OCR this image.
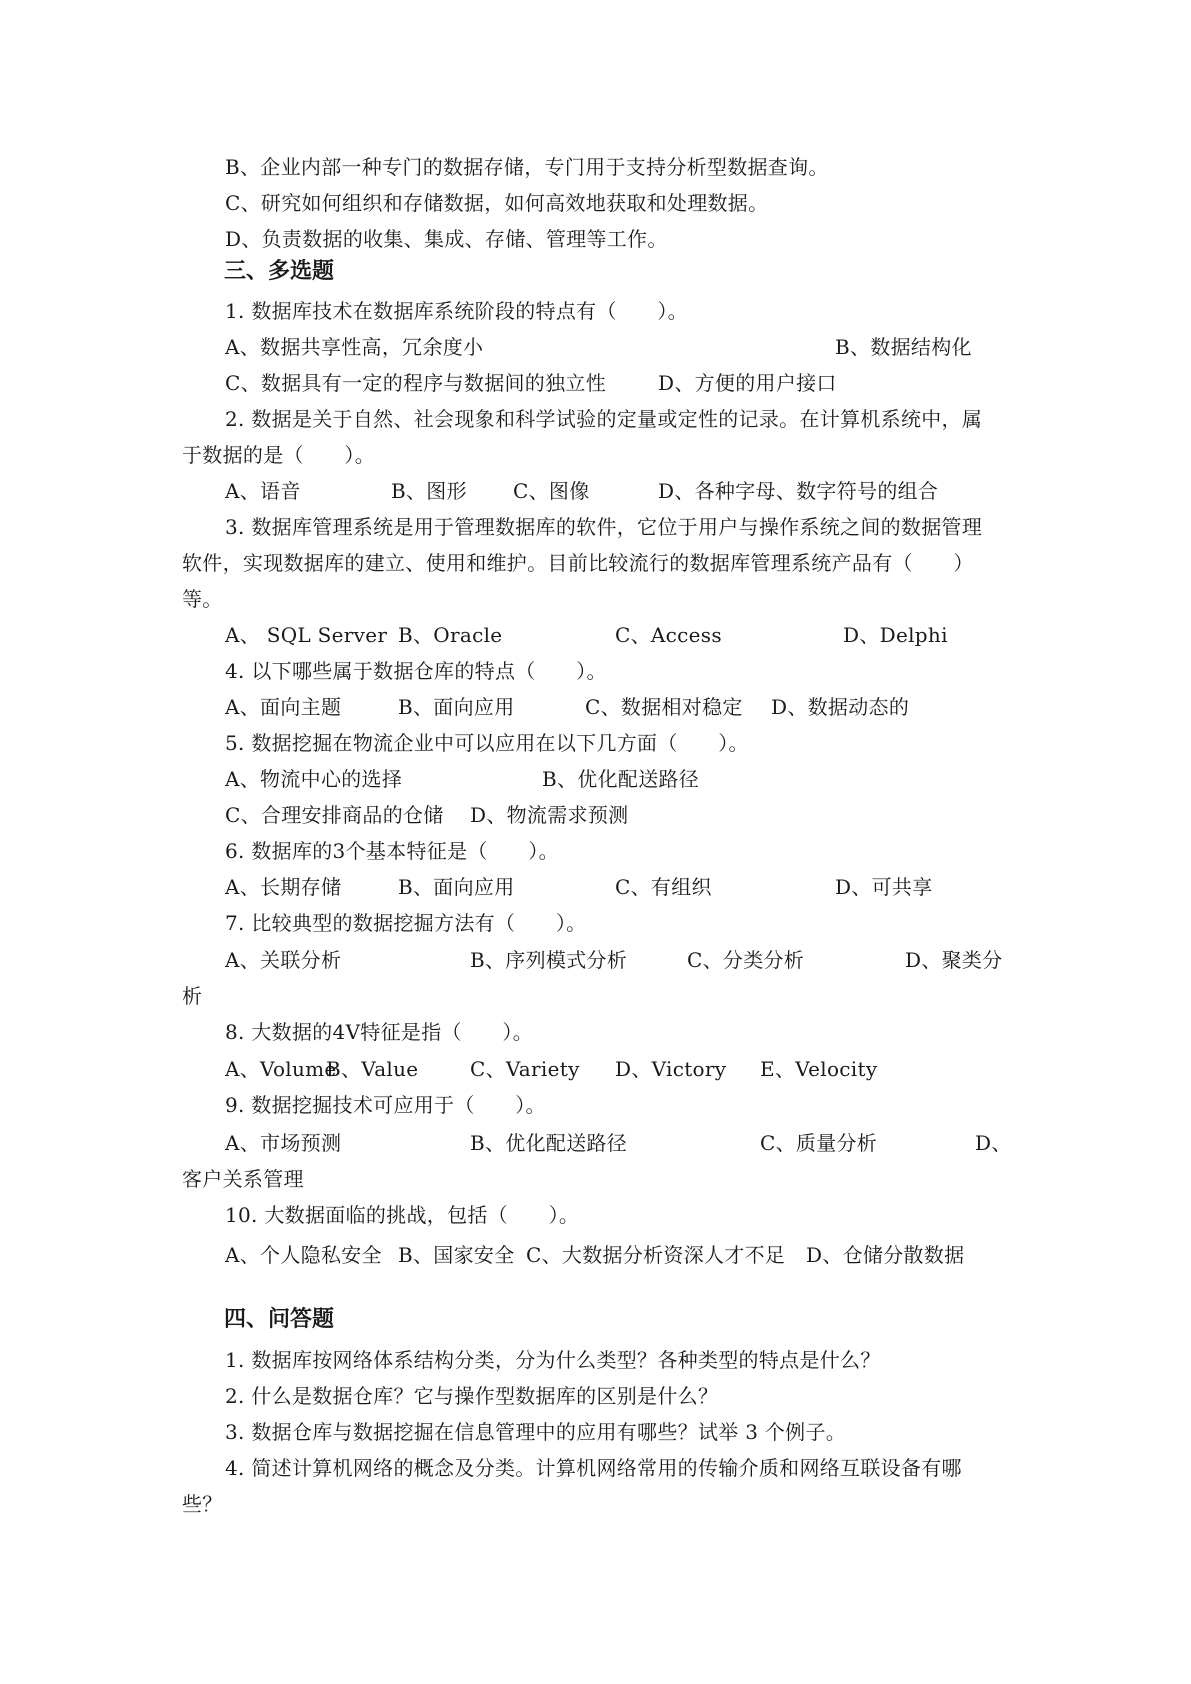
B、企业内部一种专门的数据存储，专门用于支持分析型数据查询。
C、研究如何组织和存储数据，如何高效地获取和处理数据。
D、负责数据的收集、集成、存储、管理等工作。
三、多选题
1. 数据库技术在数据库系统阶段的特点有（　　）。
A、数据共享性高，冗余度小	B、数据结构化
C、数据具有一定的程序与数据间的独立性	D、方便的用户接口
2. 数据是关于自然、社会现象和科学试验的定量或定性的记录。在计算机系统中，属
于数据的是（　　）。
A、语音	B、图形 C、图像	D、各种字母、数字符号的组合
3. 数据库管理系统是用于管理数据库的软件，它位于用户与操作系统之间的数据管理
软件，实现数据库的建立、使用和维护。目前比较流行的数据库管理系统产品有（　　）
等。
A、 SQL Server B、Oracle	C、Access	D、Delphi
4. 以下哪些属于数据仓库的特点（　　）。
A、面向主题	B、面向应用	C、数据相对稳定 D、数据动态的
5. 数据挖掘在物流企业中可以应用在以下几方面（　　）。
A、物流中心的选择	B、优化配送路径
C、合理安排商品的仓储 D、物流需求预测
6. 数据库的3个基本特征是（　　）。
A、长期存储	B、面向应用	C、有组织	D、可共享
7. 比较典型的数据挖掘方法有（　　）。
A、关联分析	B、序列模式分析	C、分类分析	D、聚类分
析
8. 大数据的4V特征是指（　　）。
A、Volume
B、Value	C、Variety D、Victory E、Velocity
9. 数据挖掘技术可应用于（　　）。
A、市场预测	B、优化配送路径	C、质量分析	D、
客户关系管理
10. 大数据面临的挑战，包括（　　）。
A、个人隐私安全 B、国家安全 C、大数据分析资深人才不足 D、仓储分散数据
四、问答题
1. 数据库按网络体系结构分类，分为什么类型？各种类型的特点是什么？
2. 什么是数据仓库？它与操作型数据库的区别是什么？
3. 数据仓库与数据挖掘在信息管理中的应用有哪些？试举 3 个例子。
4. 简述计算机网络的概念及分类。计算机网络常用的传输介质和网络互联设备有哪
些？
